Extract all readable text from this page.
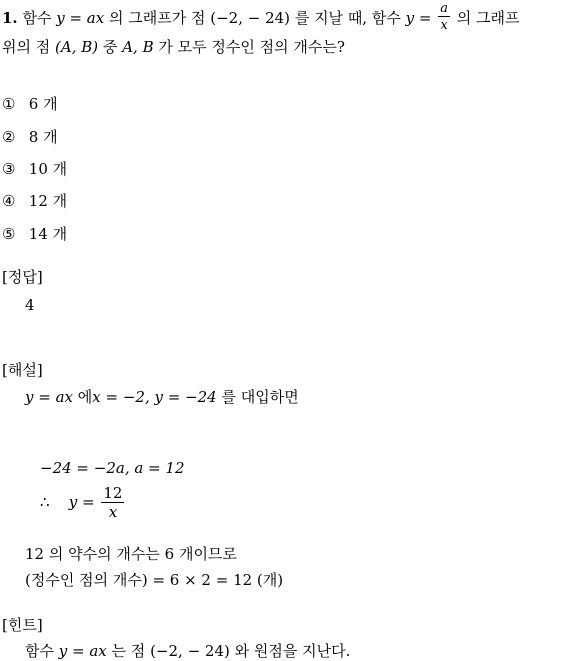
1. 함수 y = ax 의 그래프가 점 (−2, − 24) 를 지날 때, 함수 $y = \frac{a}{x}$ 의 그래프
위의 점 (A, B) 중 A, B 가 모두 정수인 점의 개수는?
① 6 개
② 8 개
③ 10 개
④ 12 개
⑤ 14 개
[정답]
4
[해설]
y = ax 에x = −2, y = −24 를 대입하면
−24 = −2a, a = 12
∴ $y = \frac{12}{x}$
12 의 약수의 개수는 6 개이므로
(정수인 점의 개수) = 6 × 2 = 12 (개)
[힌트]
함수 y = ax 는 점 (−2, − 24) 와 원점을 지난다.
